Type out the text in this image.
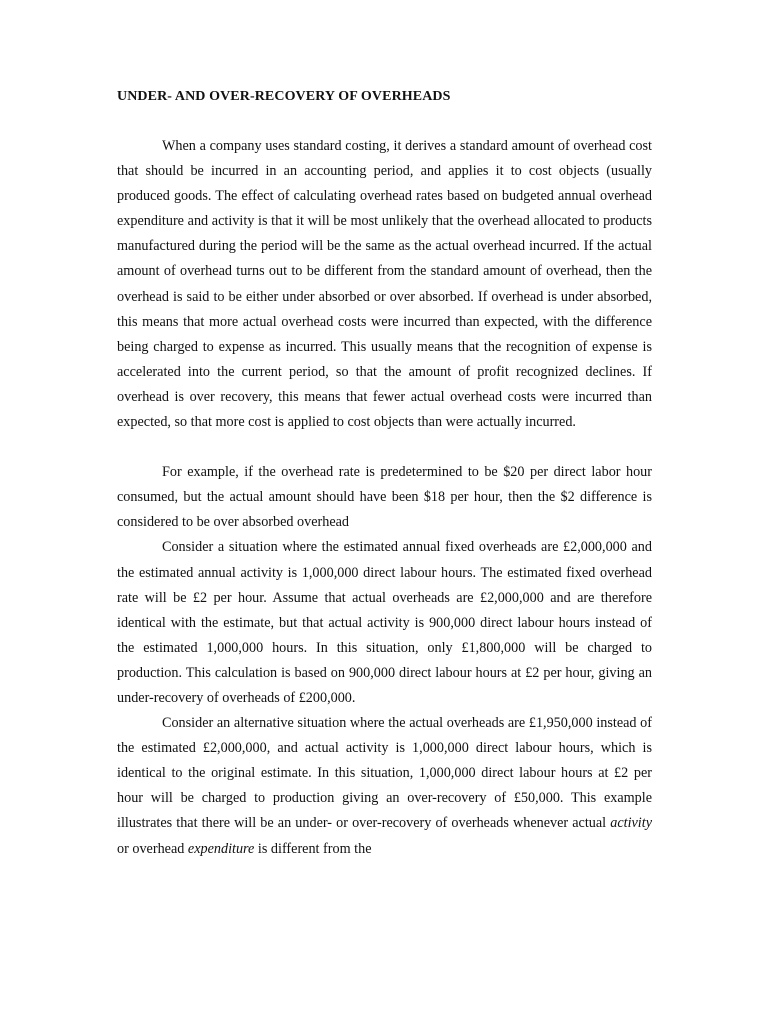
UNDER- AND OVER-RECOVERY OF OVERHEADS

When a company uses standard costing, it derives a standard amount of overhead cost that should be incurred in an accounting period, and applies it to cost objects (usually produced goods. The effect of calculating overhead rates based on budgeted annual overhead expenditure and activity is that it will be most unlikely that the overhead allocated to products manufactured during the period will be the same as the actual overhead incurred. If the actual amount of overhead turns out to be different from the standard amount of overhead, then the overhead is said to be either under absorbed or over absorbed. If overhead is under absorbed, this means that more actual overhead costs were incurred than expected, with the difference being charged to expense as incurred. This usually means that the recognition of expense is accelerated into the current period, so that the amount of profit recognized declines. If overhead is over recovery, this means that fewer actual overhead costs were incurred than expected, so that more cost is applied to cost objects than were actually incurred.

For example, if the overhead rate is predetermined to be $20 per direct labor hour consumed, but the actual amount should have been $18 per hour, then the $2 difference is considered to be over absorbed overhead

Consider a situation where the estimated annual fixed overheads are £2,000,000 and the estimated annual activity is 1,000,000 direct labour hours. The estimated fixed overhead rate will be £2 per hour. Assume that actual overheads are £2,000,000 and are therefore identical with the estimate, but that actual activity is 900,000 direct labour hours instead of the estimated 1,000,000 hours. In this situation, only £1,800,000 will be charged to production. This calculation is based on 900,000 direct labour hours at £2 per hour, giving an under-recovery of overheads of £200,000.

Consider an alternative situation where the actual overheads are £1,950,000 instead of the estimated £2,000,000, and actual activity is 1,000,000 direct labour hours, which is identical to the original estimate. In this situation, 1,000,000 direct labour hours at £2 per hour will be charged to production giving an over-recovery of £50,000. This example illustrates that there will be an under- or over-recovery of overheads whenever actual activity or overhead expenditure is different from the
